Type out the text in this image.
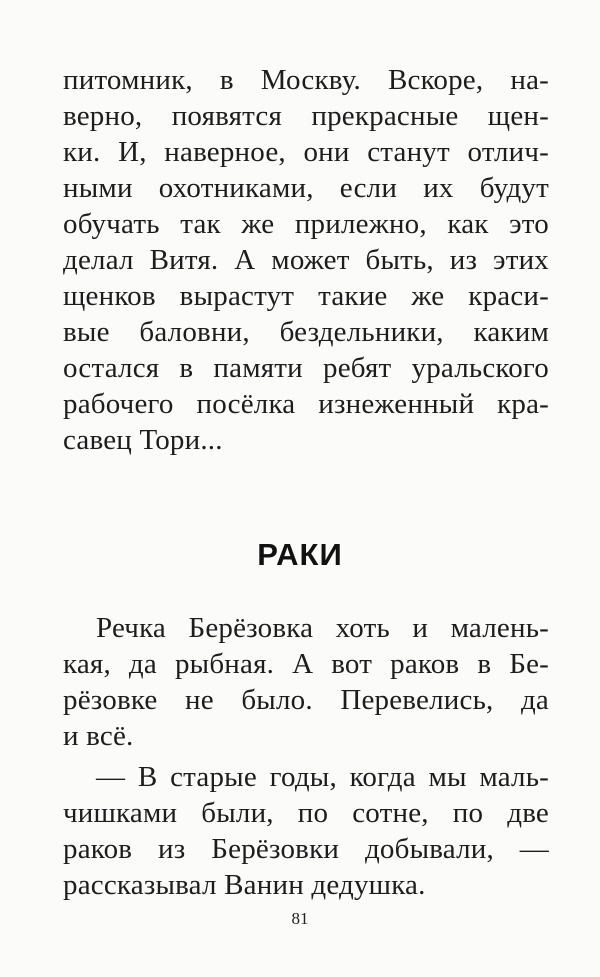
питомник, в Москву. Вскоре, на-
верно, появятся прекрасные щен-
ки. И, наверное, они станут отлич-
ными охотниками, если их будут
обучать так же прилежно, как это
делал Витя. А может быть, из этих
щенков вырастут такие же краси-
вые баловни, бездельники, каким
остался в памяти ребят уральского
рабочего посёлка изнеженный кра-
савец Тори...
РАКИ
Речка Берёзовка хоть и малень-
кая, да рыбная. А вот раков в Бе-
рёзовке не было. Перевелись, да
и всё.
— В старые годы, когда мы маль-
чишками были, по сотне, по две
раков из Берёзовки добывали, —
рассказывал Ванин дедушка.
81
